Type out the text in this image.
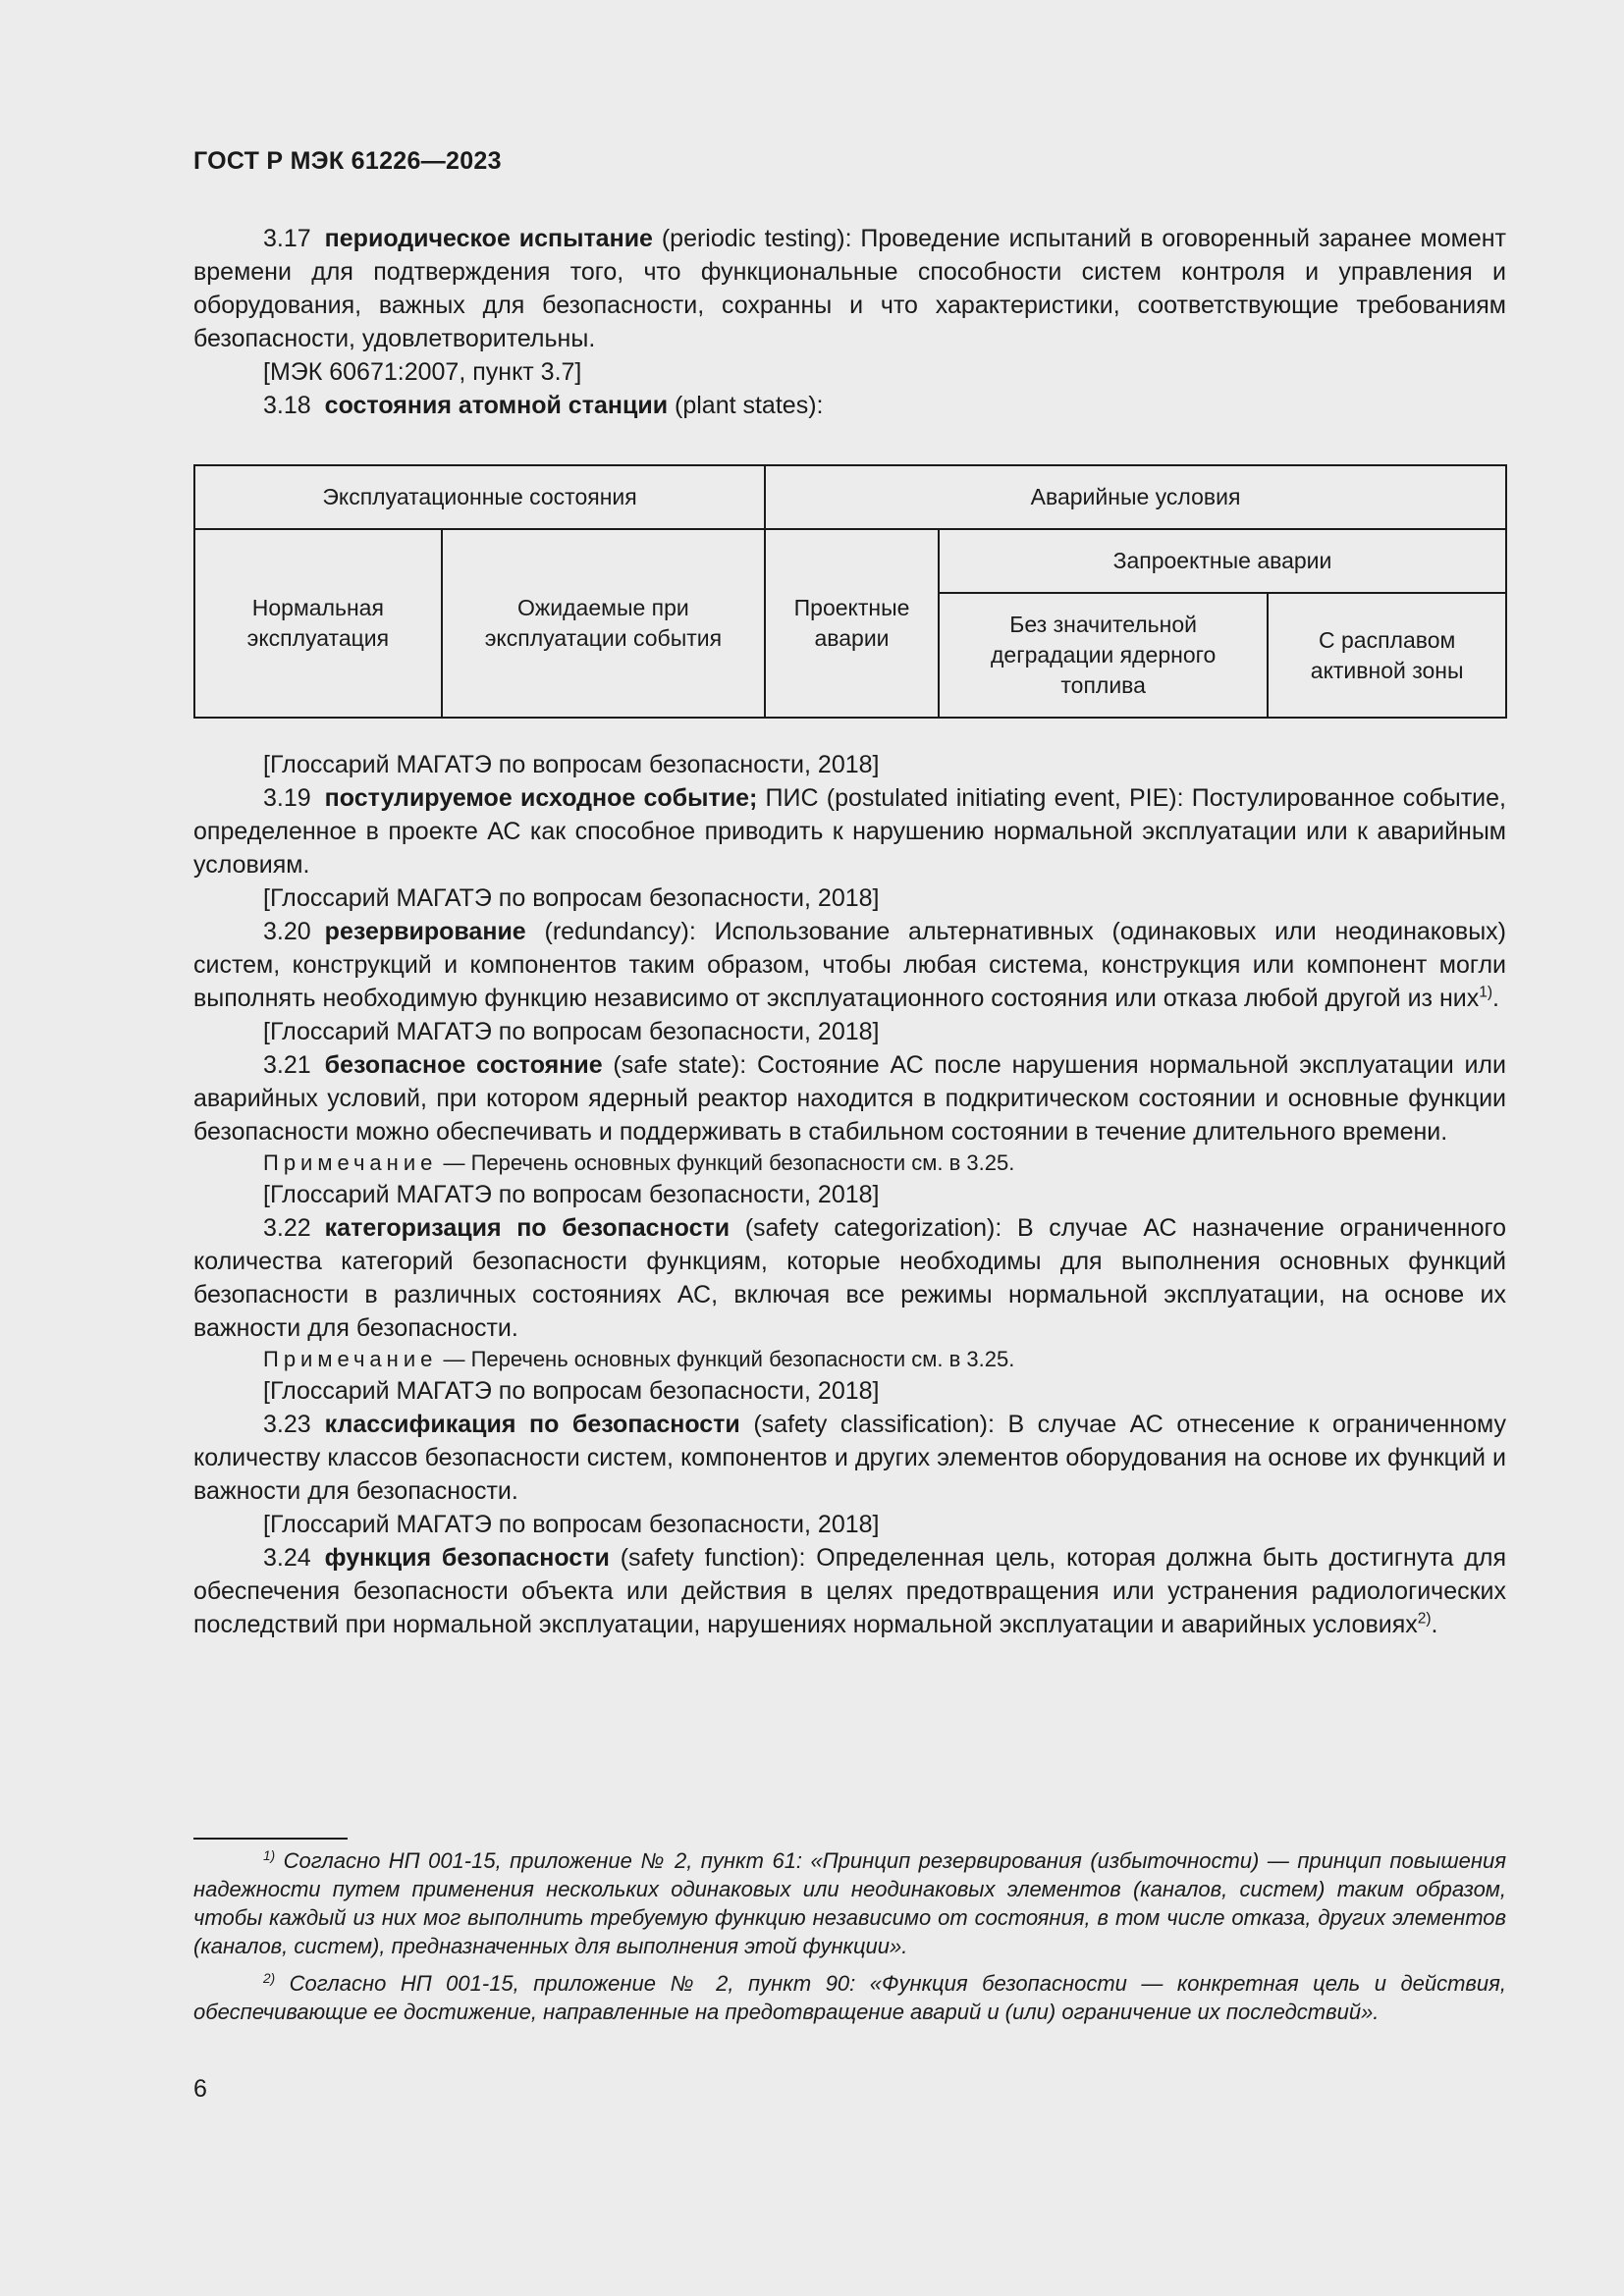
ГОСТ Р МЭК 61226—2023

3.17 периодическое испытание (periodic testing): Проведение испытаний в оговоренный заранее момент времени для подтверждения того, что функциональные способности систем контроля и управления и оборудования, важных для безопасности, сохранны и что характеристики, соответствующие требованиям безопасности, удовлетворительны.

[МЭК 60671:2007, пункт 3.7]

3.18 состояния атомной станции (plant states):

Эксплуатационные состояния		Аварийные условия		
Нормальная эксплуатация	Ожидаемые при эксплуатации события	Проектные аварии	Запроектные аварии	
			Без значительной деградации ядерного топлива	С расплавом активной зоны

[Глоссарий МАГАТЭ по вопросам безопасности, 2018]

3.19 постулируемое исходное событие; ПИС (postulated initiating event, PIE): Постулированное событие, определенное в проекте АС как способное приводить к нарушению нормальной эксплуатации или к аварийным условиям.

[Глоссарий МАГАТЭ по вопросам безопасности, 2018]

3.20 резервирование (redundancy): Использование альтернативных (одинаковых или неодинаковых) систем, конструкций и компонентов таким образом, чтобы любая система, конструкция или компонент могли выполнять необходимую функцию независимо от эксплуатационного состояния или отказа любой другой из них$^{1)}$.

[Глоссарий МАГАТЭ по вопросам безопасности, 2018]

3.21 безопасное состояние (safe state): Состояние АС после нарушения нормальной эксплуатации или аварийных условий, при котором ядерный реактор находится в подкритическом состоянии и основные функции безопасности можно обеспечивать и поддерживать в стабильном состоянии в течение длительного времени.

Примечание — Перечень основных функций безопасности см. в 3.25.

[Глоссарий МАГАТЭ по вопросам безопасности, 2018]

3.22 категоризация по безопасности (safety categorization): В случае АС назначение ограниченного количества категорий безопасности функциям, которые необходимы для выполнения основных функций безопасности в различных состояниях АС, включая все режимы нормальной эксплуатации, на основе их важности для безопасности.

Примечание — Перечень основных функций безопасности см. в 3.25.

[Глоссарий МАГАТЭ по вопросам безопасности, 2018]

3.23 классификация по безопасности (safety classification): В случае АС отнесение к ограниченному количеству классов безопасности систем, компонентов и других элементов оборудования на основе их функций и важности для безопасности.

[Глоссарий МАГАТЭ по вопросам безопасности, 2018]

3.24 функция безопасности (safety function): Определенная цель, которая должна быть достигнута для обеспечения безопасности объекта или действия в целях предотвращения или устранения радиологических последствий при нормальной эксплуатации, нарушениях нормальной эксплуатации и аварийных условиях$^{2)}$.

$^{1)}$ Согласно НП 001-15, приложение № 2, пункт 61: «Принцип резервирования (избыточности) — принцип повышения надежности путем применения нескольких одинаковых или неодинаковых элементов (каналов, систем) таким образом, чтобы каждый из них мог выполнить требуемую функцию независимо от состояния, в том числе отказа, других элементов (каналов, систем), предназначенных для выполнения этой функции».

$^{2)}$ Согласно НП 001-15, приложение № 2, пункт 90: «Функция безопасности — конкретная цель и действия, обеспечивающие ее достижение, направленные на предотвращение аварий и (или) ограничение их последствий».

6
